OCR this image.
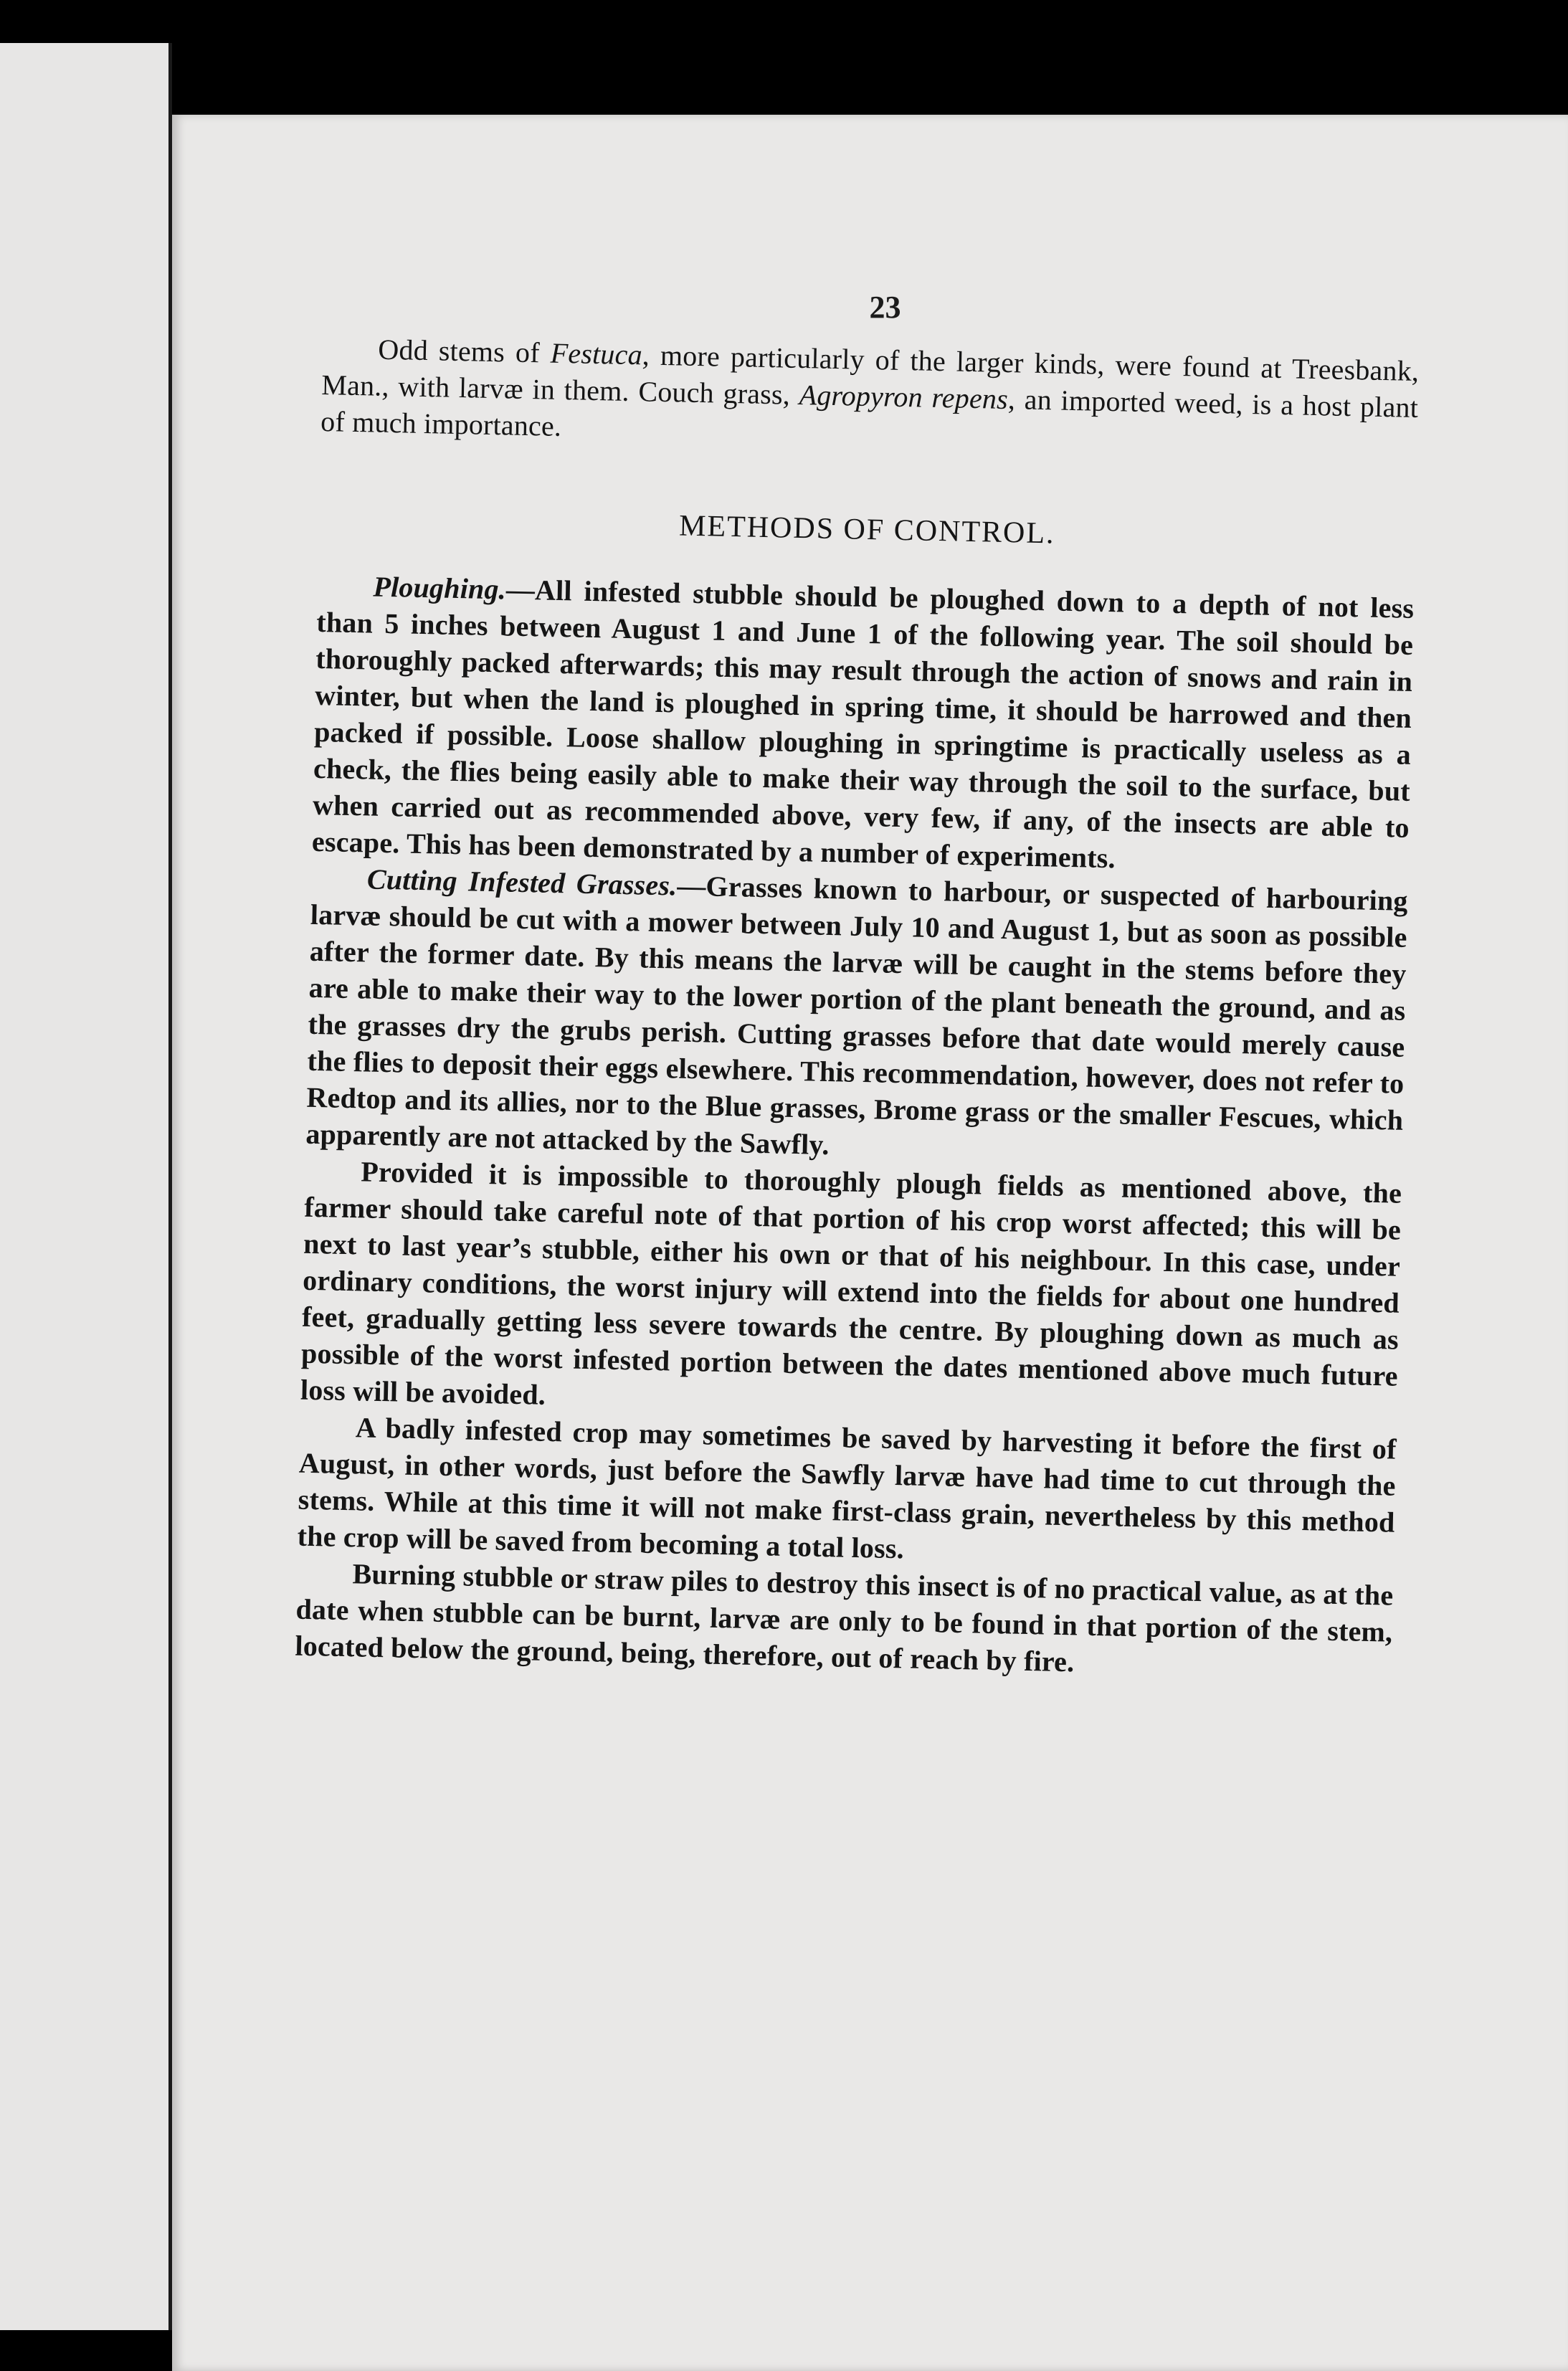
23

Odd stems of Festuca, more particularly of the larger kinds, were found at Treesbank, Man., with larvæ in them. Couch grass, Agropyron repens, an imported weed, is a host plant of much importance.

METHODS OF CONTROL.

Ploughing.—All infested stubble should be ploughed down to a depth of not less than 5 inches between August 1 and June 1 of the following year. The soil should be thoroughly packed afterwards; this may result through the action of snows and rain in winter, but when the land is ploughed in spring time, it should be harrowed and then packed if possible. Loose shallow ploughing in springtime is practically useless as a check, the flies being easily able to make their way through the soil to the surface, but when carried out as recommended above, very few, if any, of the insects are able to escape. This has been demonstrated by a number of experiments.

Cutting Infested Grasses.—Grasses known to harbour, or suspected of harbouring larvæ should be cut with a mower between July 10 and August 1, but as soon as possible after the former date. By this means the larvæ will be caught in the stems before they are able to make their way to the lower portion of the plant beneath the ground, and as the grasses dry the grubs perish. Cutting grasses before that date would merely cause the flies to deposit their eggs elsewhere. This recommendation, however, does not refer to Redtop and its allies, nor to the Blue grasses, Brome grass or the smaller Fescues, which apparently are not attacked by the Sawfly.

Provided it is impossible to thoroughly plough fields as mentioned above, the farmer should take careful note of that portion of his crop worst affected; this will be next to last year’s stubble, either his own or that of his neighbour. In this case, under ordinary conditions, the worst injury will extend into the fields for about one hundred feet, gradually getting less severe towards the centre. By ploughing down as much as possible of the worst infested portion between the dates mentioned above much future loss will be avoided.

A badly infested crop may sometimes be saved by harvesting it before the first of August, in other words, just before the Sawfly larvæ have had time to cut through the stems. While at this time it will not make first-class grain, nevertheless by this method the crop will be saved from becoming a total loss.

Burning stubble or straw piles to destroy this insect is of no practical value, as at the date when stubble can be burnt, larvæ are only to be found in that portion of the stem, located below the ground, being, therefore, out of reach by fire.
